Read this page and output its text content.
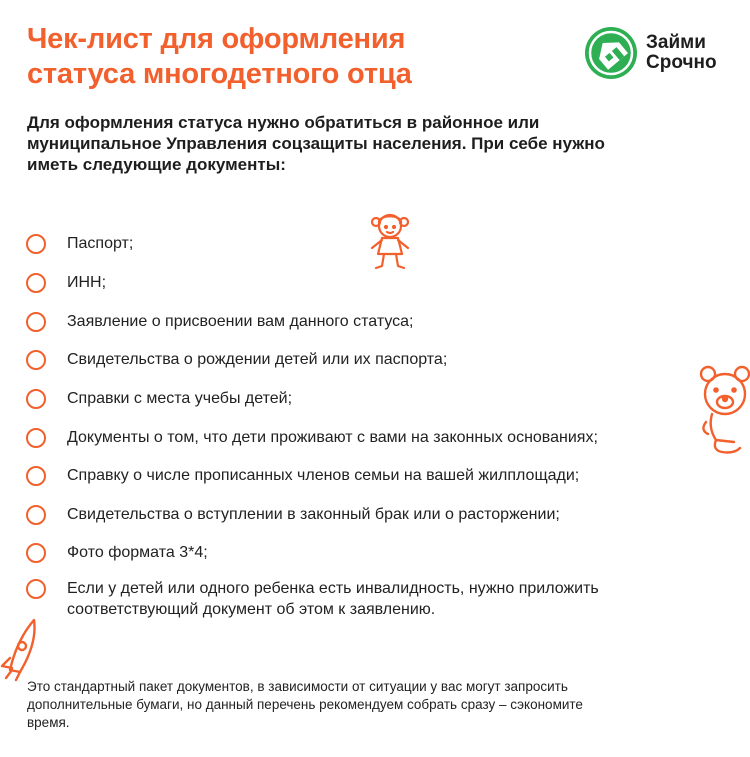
Чек-лист для оформления
статуса многодетного отца
Займи
Срочно
Для оформления статуса нужно обратиться в районное или
муниципальное Управления соцзащиты населения. При себе нужно
иметь следующие документы:
Паспорт;
ИНН;
Заявление о присвоении вам данного статуса;
Свидетельства о рождении детей или их паспорта;
Справки с места учебы детей;
Документы о том, что дети проживают с вами на законных основаниях;
Справку о числе прописанных членов семьи на вашей жилплощади;
Свидетельства о вступлении в законный брак или о расторжении;
Фото формата 3*4;
Если у детей или одного ребенка есть инвалидность, нужно приложить
соответствующий документ об этом к заявлению.
Это стандартный пакет документов, в зависимости от ситуации у вас могут запросить
дополнительные бумаги, но данный перечень рекомендуем собрать сразу – сэкономите
время.
